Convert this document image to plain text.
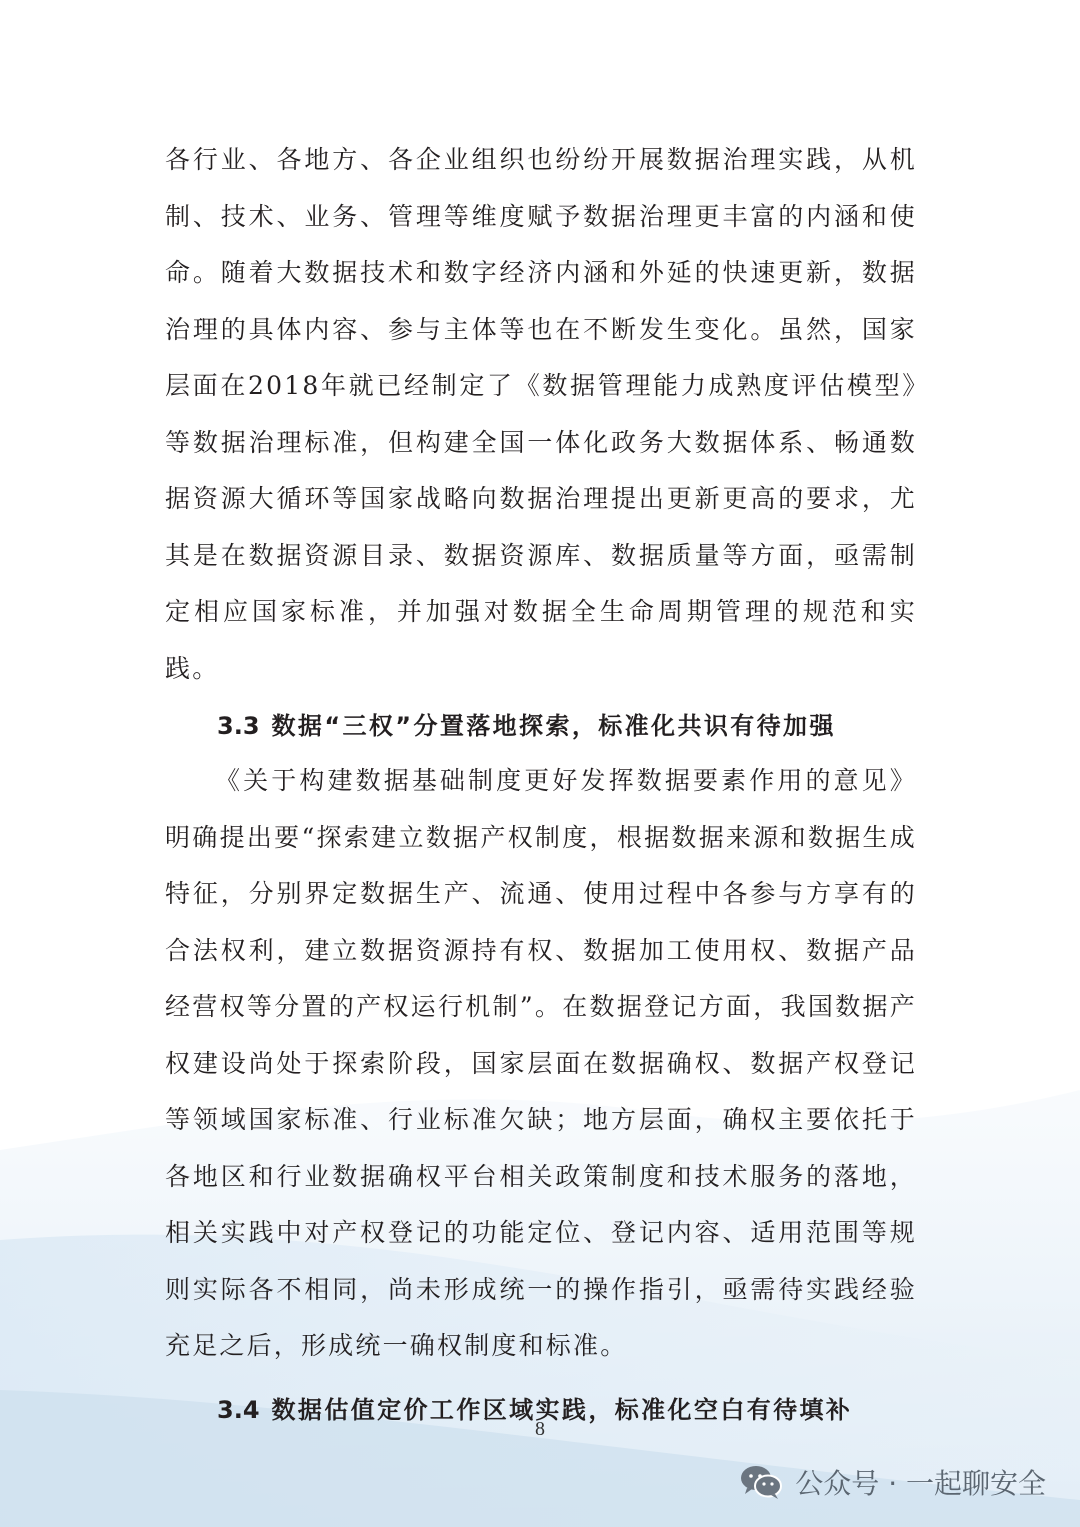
各行业、各地方、各企业组织也纷纷开展数据治理实践，从机制、技术、业务、管理等维度赋予数据治理更丰富的内涵和使命。随着大数据技术和数字经济内涵和外延的快速更新，数据治理的具体内容、参与主体等也在不断发生变化。虽然，国家层面在2018年就已经制定了《数据管理能力成熟度评估模型》等数据治理标准，但构建全国一体化政务大数据体系、畅通数据资源大循环等国家战略向数据治理提出更新更高的要求，尤其是在数据资源目录、数据资源库、数据质量等方面，亟需制定相应国家标准，并加强对数据全生命周期管理的规范和实践。

3.3 数据“三权”分置落地探索，标准化共识有待加强

《关于构建数据基础制度更好发挥数据要素作用的意见》明确提出要“探索建立数据产权制度，根据数据来源和数据生成特征，分别界定数据生产、流通、使用过程中各参与方享有的合法权利，建立数据资源持有权、数据加工使用权、数据产品经营权等分置的产权运行机制”。在数据登记方面，我国数据产权建设尚处于探索阶段，国家层面在数据确权、数据产权登记等领域国家标准、行业标准欠缺；地方层面，确权主要依托于各地区和行业数据确权平台相关政策制度和技术服务的落地，相关实践中对产权登记的功能定位、登记内容、适用范围等规则实际各不相同，尚未形成统一的操作指引，亟需待实践经验充足之后，形成统一确权制度和标准。

3.4 数据估值定价工作区域实践，标准化空白有待填补
8
公众号 · 一起聊安全
